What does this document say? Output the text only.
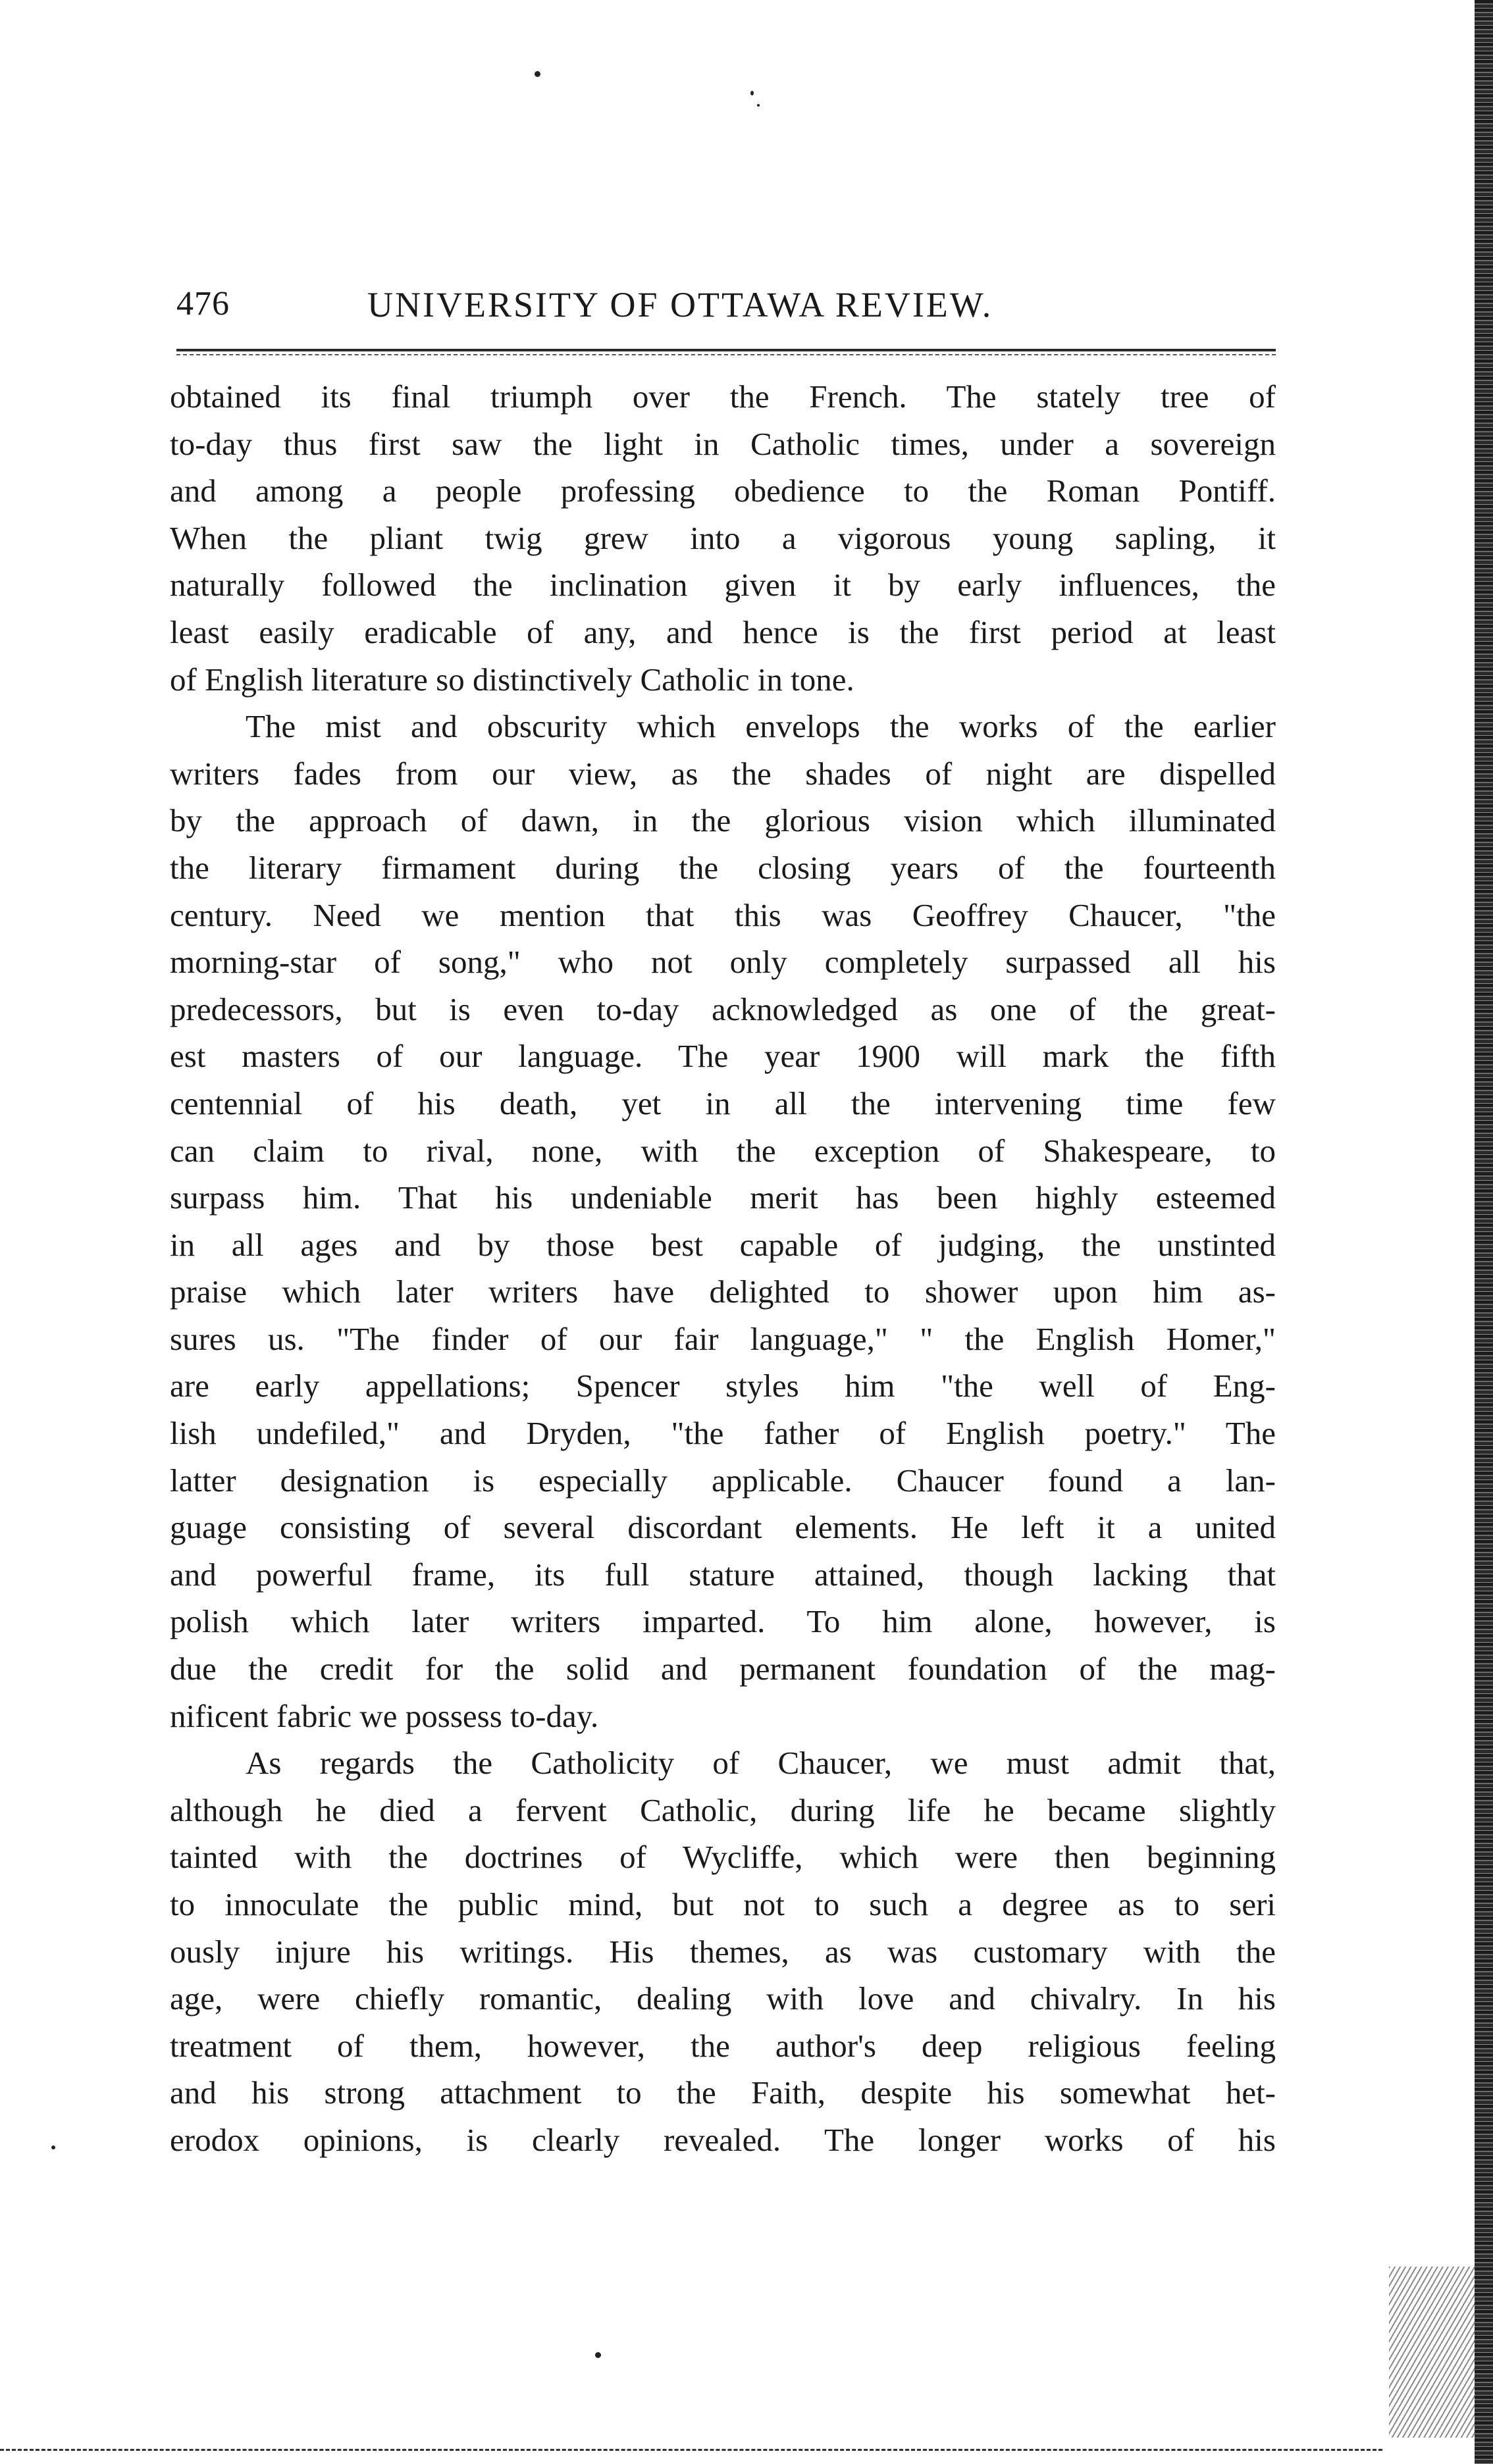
476	UNIVERSITY OF OTTAWA REVIEW.

obtained its final triumph over the French. The stately tree of
to-day thus first saw the light in Catholic times, under a sovereign
and among a people professing obedience to the Roman Pontiff.
When the pliant twig grew into a vigorous young sapling, it
naturally followed the inclination given it by early influences, the
least easily eradicable of any, and hence is the first period at least
of English literature so distinctively Catholic in tone.

The mist and obscurity which envelops the works of the earlier
writers fades from our view, as the shades of night are dispelled
by the approach of dawn, in the glorious vision which illuminated
the literary firmament during the closing years of the fourteenth
century. Need we mention that this was Geoffrey Chaucer, "the
morning-star of song," who not only completely surpassed all his
predecessors, but is even to-day acknowledged as one of the great-
est masters of our language. The year 1900 will mark the fifth
centennial of his death, yet in all the intervening time few
can claim to rival, none, with the exception of Shakespeare, to
surpass him. That his undeniable merit has been highly esteemed
in all ages and by those best capable of judging, the unstinted
praise which later writers have delighted to shower upon him as-
sures us. "The finder of our fair language," " the English Homer,"
are early appellations; Spencer styles him "the well of Eng-
lish undefiled," and Dryden, "the father of English poetry." The
latter designation is especially applicable. Chaucer found a lan-
guage consisting of several discordant elements. He left it a united
and powerful frame, its full stature attained, though lacking that
polish which later writers imparted. To him alone, however, is
due the credit for the solid and permanent foundation of the mag-
nificent fabric we possess to-day.

As regards the Catholicity of Chaucer, we must admit that,
although he died a fervent Catholic, during life he became slightly
tainted with the doctrines of Wycliffe, which were then beginning
to innoculate the public mind, but not to such a degree as to seri
ously injure his writings. His themes, as was customary with the
age, were chiefly romantic, dealing with love and chivalry. In his
treatment of them, however, the author's deep religious feeling
and his strong attachment to the Faith, despite his somewhat het-
erodox opinions, is clearly revealed. The longer works of his
